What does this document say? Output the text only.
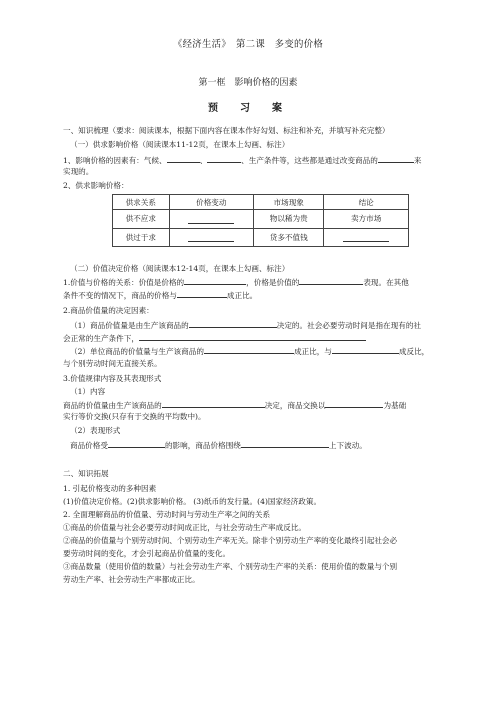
《经济生活》　第二课　多变的价格
第一框　影响价格的因素
预　习　案
一、知识梳理（要求：阅读课本，根据下面内容在课本作好勾划、标注和补充，并填写补充完整）
（一）供求影响价格（阅读课本11-12页，在课本上勾画、标注）
1、影响价格的因素有：气候、	、	、生产条件等，这些都是通过改变商品的	来
实现的。
2、供求影响价格：
供求关系	价格变动	市场现象	结论
供不应求		物以稀为贵	卖方市场
供过于求		货多不值钱	
（二）价值决定价格（阅读课本12-14页，在课本上勾画、标注）
1.价值与价格的关系：价值是价格的	，价格是价值的	表现。在其他
条件不变的情况下，商品的价格与	成正比。
2.商品价值量的决定因素：
（1）商品价值量是由生产该商品的	决定的。社会必要劳动时间是指在现有的社
会正常的生产条件下，
（2）单位商品的价值量与生产该商品的	成正比，与	成反比，
与个别劳动时间无直接关系。
3.价值规律内容及其表现形式
（1）内容
商品的价值量由生产该商品的	决定，商品交换以	为基础
实行等价交换(只存有于交换的平均数中)。
（2）表现形式
商品价格受	的影响，商品价格围绕	上下波动。
二、知识拓展
1. 引起价格变动的多种因素
(1)价值决定价格。(2)供求影响价格。 (3)纸币的发行量。(4)国家经济政策。
2. 全面理解商品的价值量、劳动时间与劳动生产率之间的关系
①商品的价值量与社会必要劳动时间成正比，与社会劳动生产率成反比。
②商品的价值量与个别劳动时间、个别劳动生产率无关。除非个别劳动生产率的变化最终引起社会必
要劳动时间的变化，才会引起商品价值量的变化。
③商品数量（使用价值的数量）与社会劳动生产率、个别劳动生产率的关系：使用价值的数量与个别
劳动生产率、社会劳动生产率都成正比。
